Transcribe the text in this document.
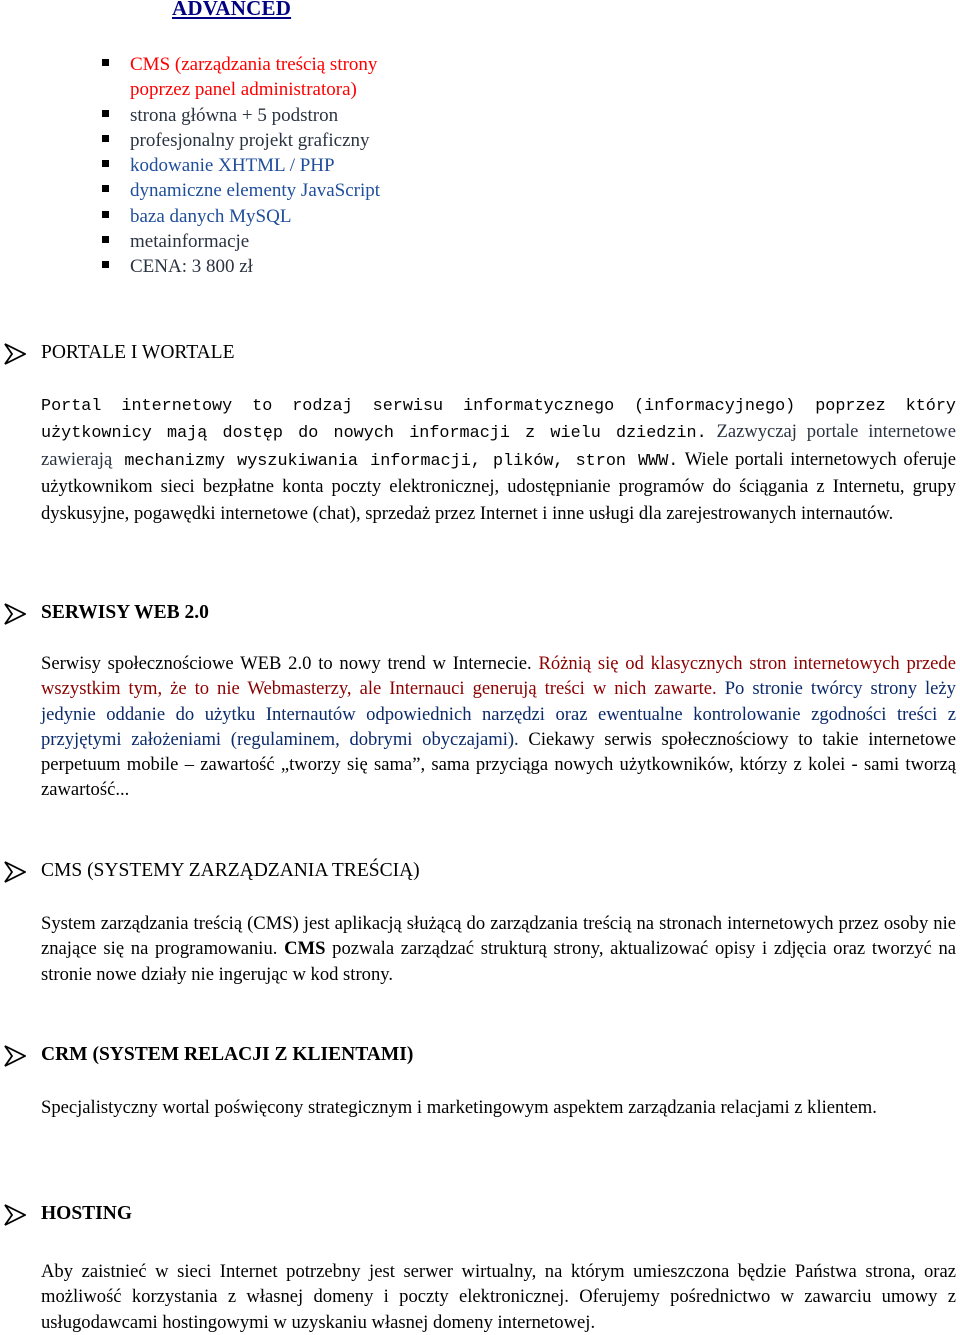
ADVANCED
CMS (zarządzania treścią strony
poprzez panel administratora)
strona główna + 5 podstron
profesjonalny projekt graficzny
kodowanie XHTML / PHP
dynamiczne elementy JavaScript
baza danych MySQL
metainformacje
CENA: 3 800 zł
PORTALE I WORTALE
Portal internetowy to rodzaj serwisu informatycznego (informacyjnego) poprzez który użytkownicy mają dostęp do nowych informacji z wielu dziedzin. Zazwyczaj portale internetowe zawierają mechanizmy wyszukiwania informacji, plików, stron WWW. Wiele portali internetowych oferuje użytkownikom sieci bezpłatne konta poczty elektronicznej, udostępnianie programów do ściągania z Internetu, grupy dyskusyjne, pogawędki internetowe (chat), sprzedaż przez Internet i inne usługi dla zarejestrowanych internautów.
SERWISY WEB 2.0
Serwisy społecznościowe WEB 2.0 to nowy trend w Internecie. Różnią się od klasycznych stron internetowych przede wszystkim tym, że to nie Webmasterzy, ale Internauci generują treści w nich zawarte. Po stronie twórcy strony leży jedynie oddanie do użytku Internautów odpowiednich narzędzi oraz ewentualne kontrolowanie zgodności treści z przyjętymi założeniami (regulaminem, dobrymi obyczajami). Ciekawy serwis społecznościowy to takie internetowe perpetuum mobile – zawartość „tworzy się sama”, sama przyciąga nowych użytkowników, którzy z kolei - sami tworzą zawartość...
CMS (SYSTEMY ZARZĄDZANIA TREŚCIĄ)
System zarządzania treścią (CMS) jest aplikacją służącą do zarządzania treścią na stronach internetowych przez osoby nie znające się na programowaniu. CMS pozwala zarządzać strukturą strony, aktualizować opisy i zdjęcia oraz tworzyć na stronie nowe działy nie ingerując w kod strony.
CRM (SYSTEM RELACJI Z KLIENTAMI)
Specjalistyczny wortal poświęcony strategicznym i marketingowym aspektem zarządzania relacjami z klientem.
HOSTING
Aby zaistnieć w sieci Internet potrzebny jest serwer wirtualny, na którym umieszczona będzie Państwa strona, oraz możliwość korzystania z własnej domeny i poczty elektronicznej. Oferujemy pośrednictwo w zawarciu umowy z usługodawcami hostingowymi w uzyskaniu własnej domeny internetowej.
